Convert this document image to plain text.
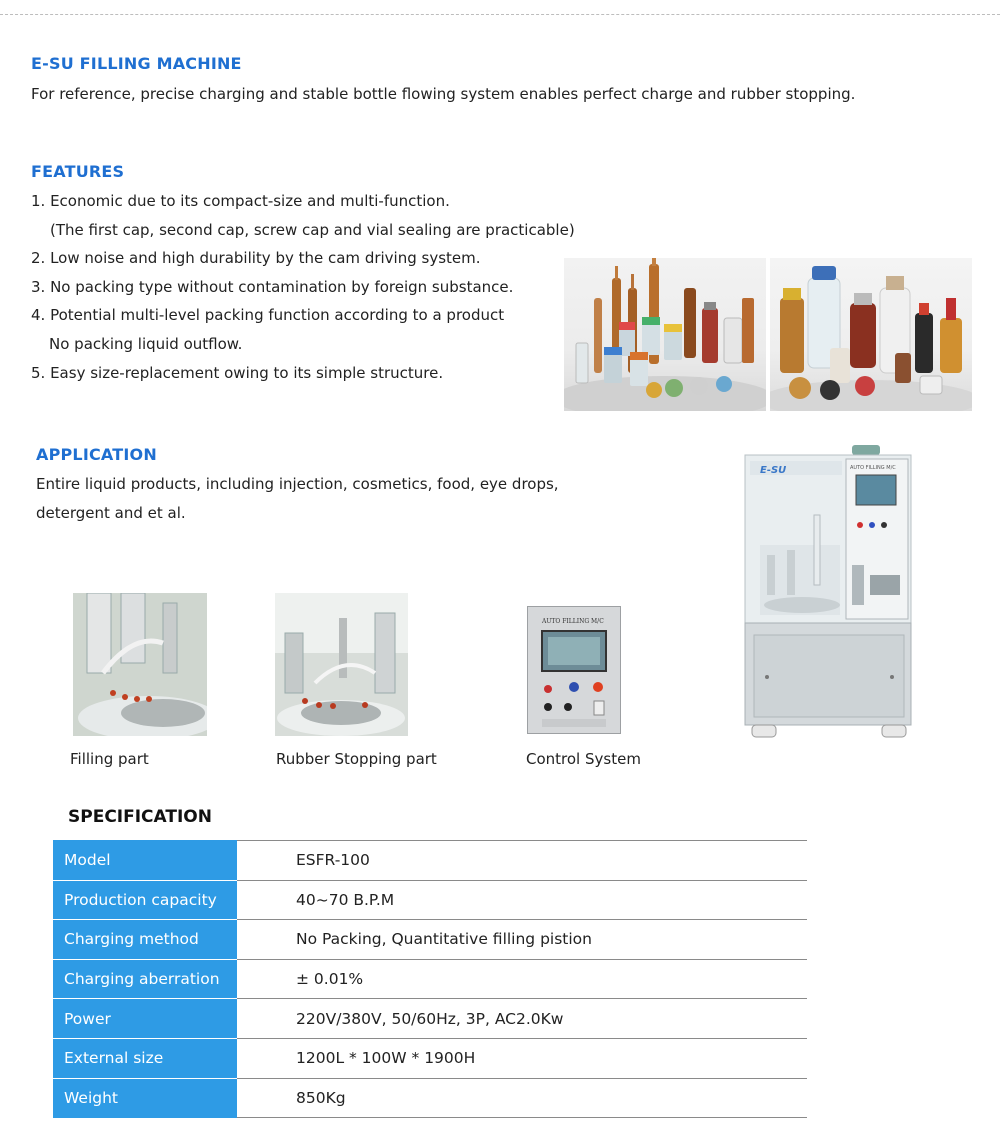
E-SU FILLING MACHINE
For reference, precise charging and stable bottle flowing system enables perfect charge and rubber stopping.
FEATURES
1. Economic due to its compact-size and multi-function.
(The first cap, second cap, screw cap and vial sealing are practicable)
2. Low noise and high durability by the cam driving system.
3. No packing type without contamination by foreign substance.
4. Potential multi-level packing function according to a product
No packing liquid outflow.
5. Easy size-replacement owing to its simple structure.
APPLICATION
Entire liquid products, including injection, cosmetics, food, eye drops,
detergent and et al.
E-SU	AUTO FILLING M/C
AUTO FILLING M/C
Filling part	Rubber Stopping part	Control System
SPECIFICATION
Model	ESFR-100
Production capacity	40~70 B.P.M
Charging method	No Packing, Quantitative filling pistion
Charging aberration	± 0.01%
Power	220V/380V, 50/60Hz, 3P, AC2.0Kw
External size	1200L * 100W * 1900H
Weight	850Kg
